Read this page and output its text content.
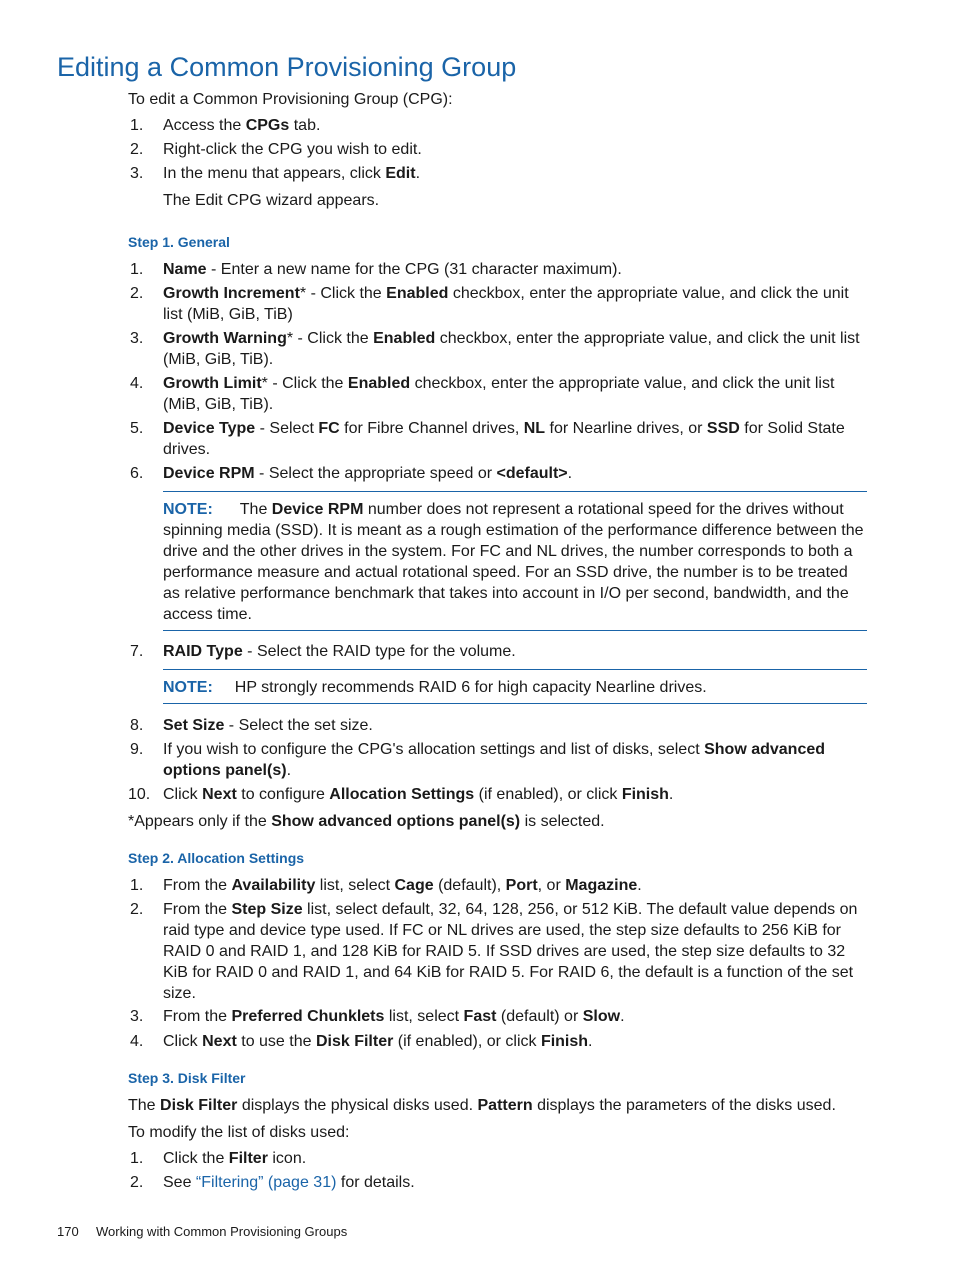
Editing a Common Provisioning Group
To edit a Common Provisioning Group (CPG):
1. Access the CPGs tab.
2. Right-click the CPG you wish to edit.
3. In the menu that appears, click Edit.
The Edit CPG wizard appears.
Step 1. General
1. Name - Enter a new name for the CPG (31 character maximum).
2. Growth Increment* - Click the Enabled checkbox, enter the appropriate value, and click the unit list (MiB, GiB, TiB)
3. Growth Warning* - Click the Enabled checkbox, enter the appropriate value, and click the unit list (MiB, GiB, TiB).
4. Growth Limit* - Click the Enabled checkbox, enter the appropriate value, and click the unit list (MiB, GiB, TiB).
5. Device Type - Select FC for Fibre Channel drives, NL for Nearline drives, or SSD for Solid State drives.
6. Device RPM - Select the appropriate speed or <default>.
NOTE: The Device RPM number does not represent a rotational speed for the drives without spinning media (SSD). It is meant as a rough estimation of the performance difference between the drive and the other drives in the system. For FC and NL drives, the number corresponds to both a performance measure and actual rotational speed. For an SSD drive, the number is to be treated as relative performance benchmark that takes into account in I/O per second, bandwidth, and the access time.
7. RAID Type - Select the RAID type for the volume.
NOTE: HP strongly recommends RAID 6 for high capacity Nearline drives.
8. Set Size - Select the set size.
9. If you wish to configure the CPG's allocation settings and list of disks, select Show advanced options panel(s).
10. Click Next to configure Allocation Settings (if enabled), or click Finish.
*Appears only if the Show advanced options panel(s) is selected.
Step 2. Allocation Settings
1. From the Availability list, select Cage (default), Port, or Magazine.
2. From the Step Size list, select default, 32, 64, 128, 256, or 512 KiB. The default value depends on raid type and device type used. If FC or NL drives are used, the step size defaults to 256 KiB for RAID 0 and RAID 1, and 128 KiB for RAID 5. If SSD drives are used, the step size defaults to 32 KiB for RAID 0 and RAID 1, and 64 KiB for RAID 5. For RAID 6, the default is a function of the set size.
3. From the Preferred Chunklets list, select Fast (default) or Slow.
4. Click Next to use the Disk Filter (if enabled), or click Finish.
Step 3. Disk Filter
The Disk Filter displays the physical disks used. Pattern displays the parameters of the disks used.
To modify the list of disks used:
1. Click the Filter icon.
2. See “Filtering” (page 31) for details.
170 Working with Common Provisioning Groups
